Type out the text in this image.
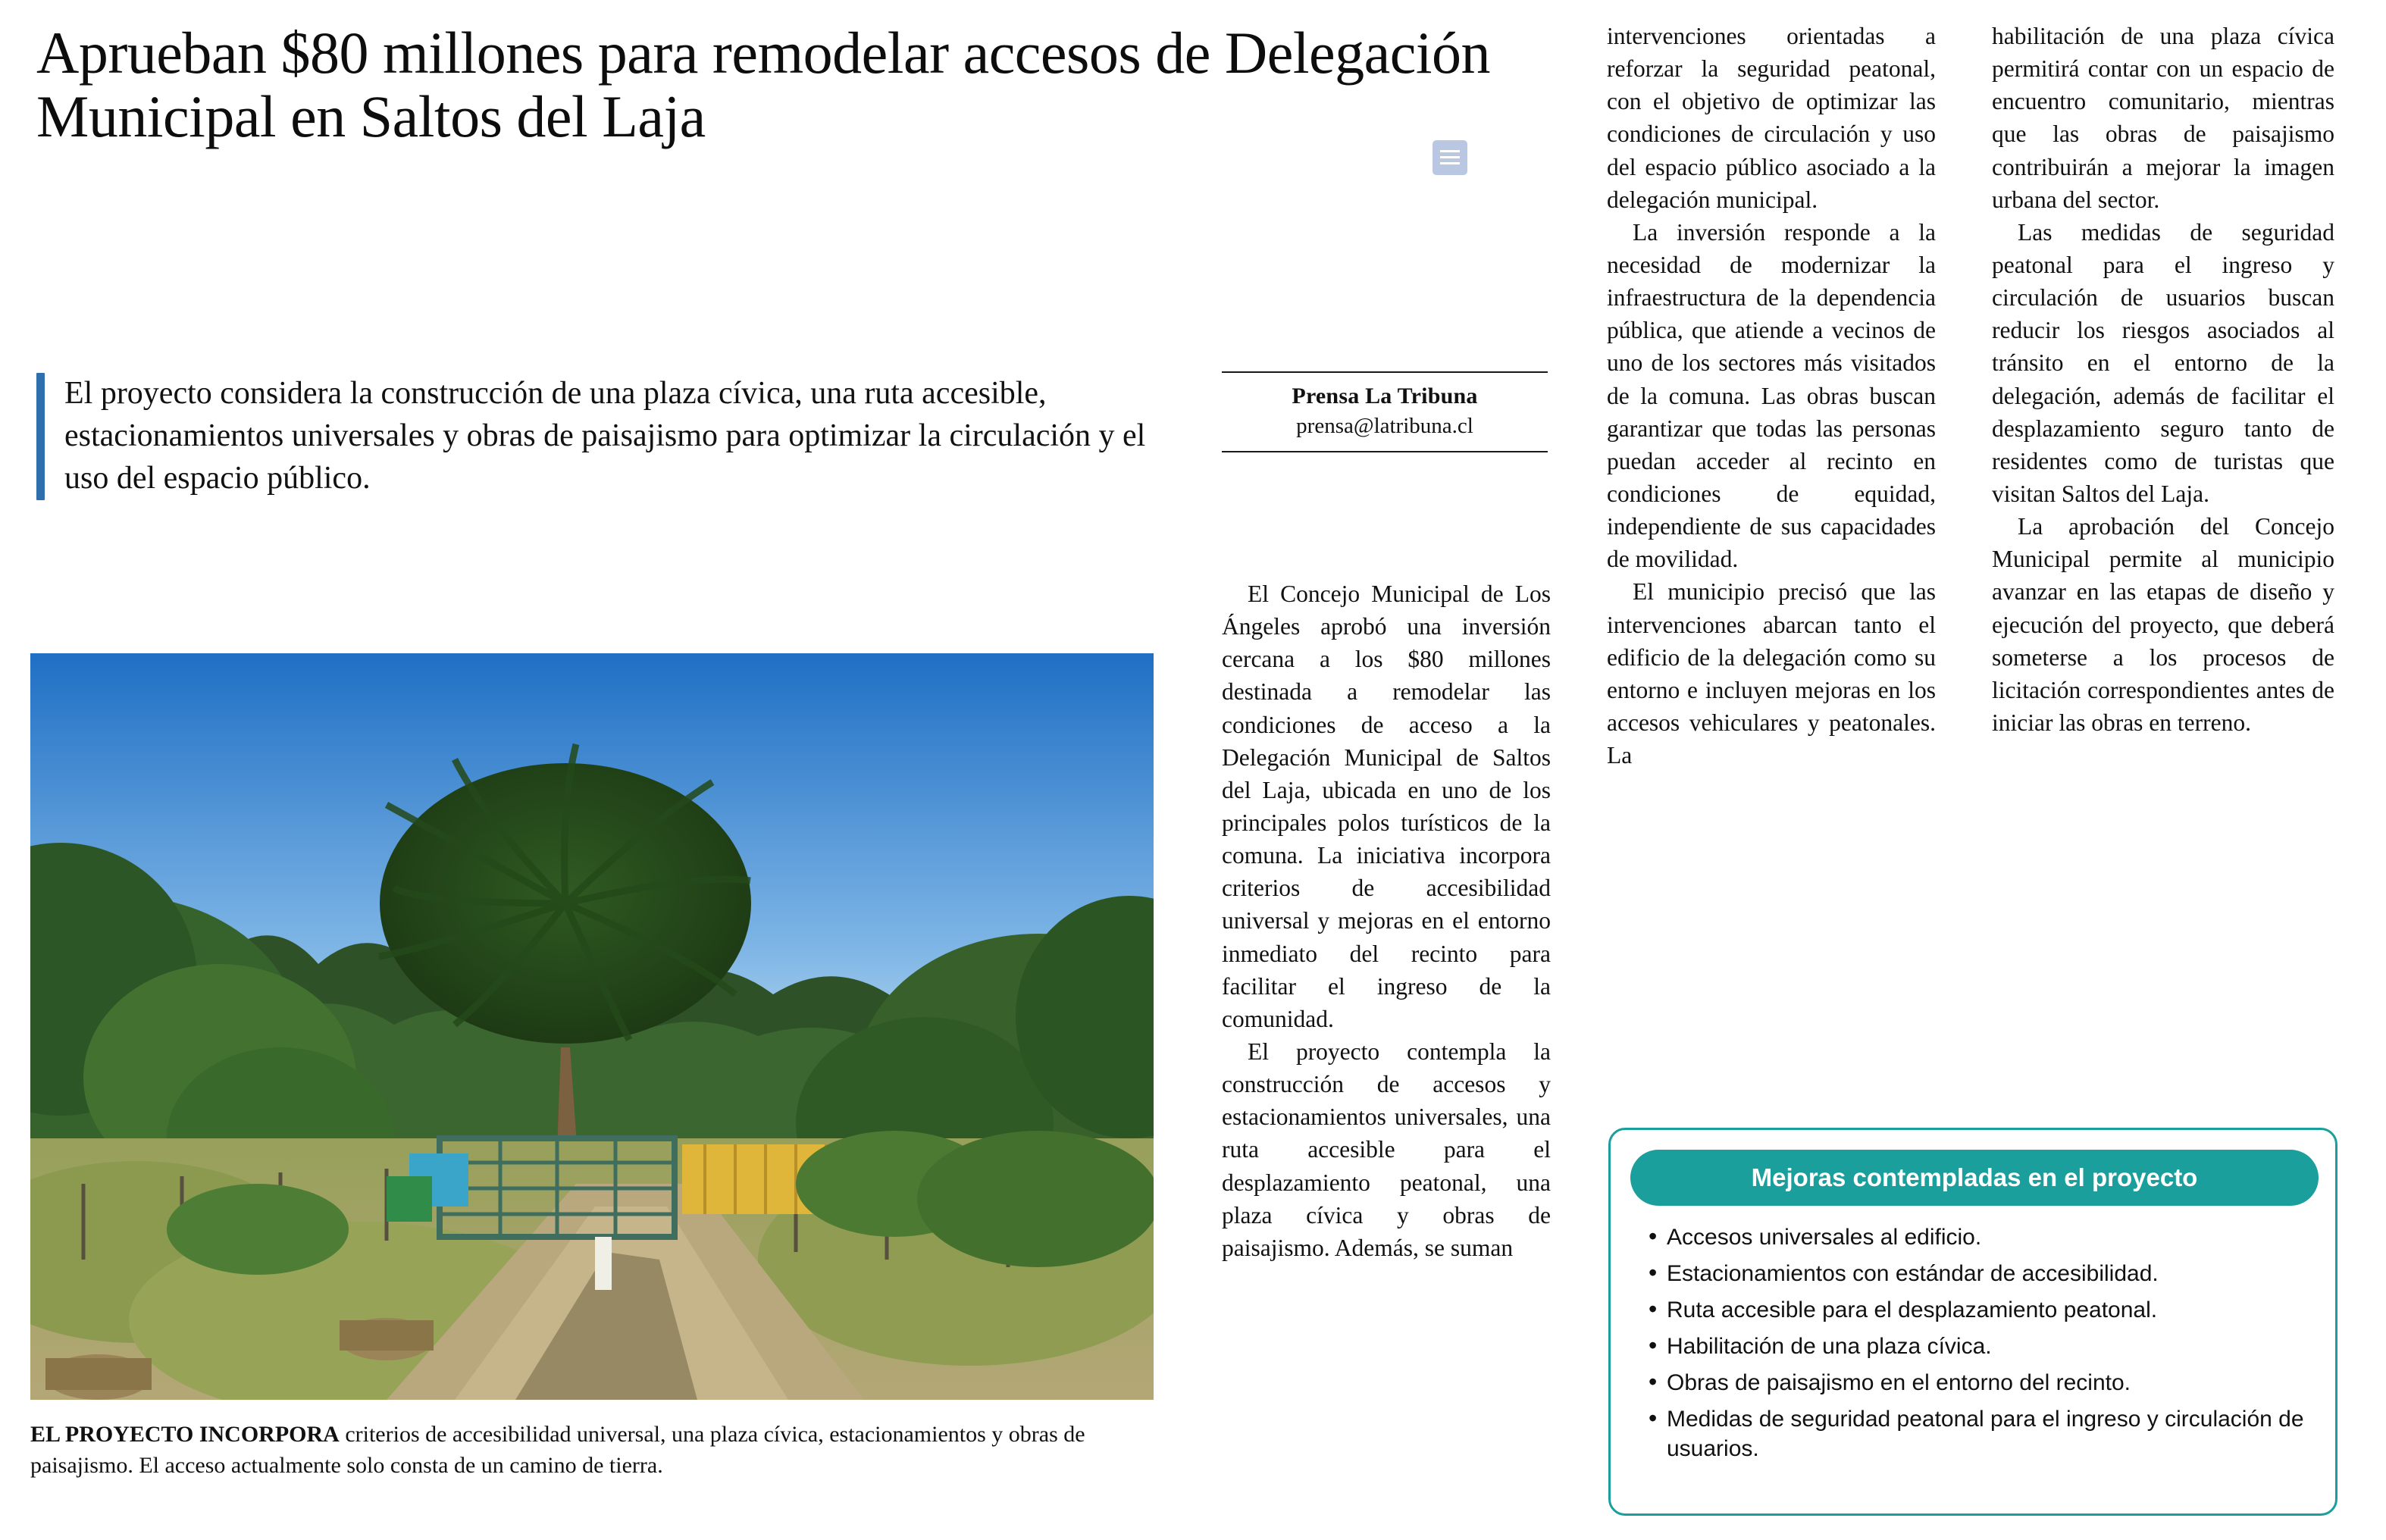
Aprueban $80 millones para remodelar accesos de Delegación Municipal en Saltos del Laja
El proyecto considera la construcción de una plaza cívica, una ruta accesible, estacionamientos universales y obras de paisajismo para optimizar la circulación y el uso del espacio público.
EL PROYECTO INCORPORA criterios de accesibilidad universal, una plaza cívica, estacionamientos y obras de paisajismo. El acceso actualmente solo consta de un camino de tierra.
Prensa La Tribuna
prensa@latribuna.cl

El Concejo Municipal de Los Ángeles aprobó una inversión cercana a los $80 millones destinada a remodelar las condiciones de acceso a la Delegación Municipal de Saltos del Laja, ubicada en uno de los principales polos turísticos de la comuna. La iniciativa incorpora criterios de accesibilidad universal y mejoras en el entorno inmediato del recinto para facilitar el ingreso de la comunidad.

El proyecto contempla la construcción de accesos y estacionamientos universales, una ruta accesible para el desplazamiento peatonal, una plaza cívica y obras de paisajismo. Además, se suman

intervenciones orientadas a reforzar la seguridad peatonal, con el objetivo de optimizar las condiciones de circulación y uso del espacio público asociado a la delegación municipal.

La inversión responde a la necesidad de modernizar la infraestructura de la dependencia pública, que atiende a vecinos de uno de los sectores más visitados de la comuna. Las obras buscan garantizar que todas las personas puedan acceder al recinto en condiciones de equidad, independiente de sus capacidades de movilidad.

El municipio precisó que las intervenciones abarcan tanto el edificio de la delegación como su entorno e incluyen mejoras en los accesos vehiculares y peatonales. La

habilitación de una plaza cívica permitirá contar con un espacio de encuentro comunitario, mientras que las obras de paisajismo contribuirán a mejorar la imagen urbana del sector.

Las medidas de seguridad peatonal para el ingreso y circulación de usuarios buscan reducir los riesgos asociados al tránsito en el entorno de la delegación, además de facilitar el desplazamiento seguro tanto de residentes como de turistas que visitan Saltos del Laja.

La aprobación del Concejo Municipal permite al municipio avanzar en las etapas de diseño y ejecución del proyecto, que deberá someterse a los procesos de licitación correspondientes antes de iniciar las obras en terreno.

Mejoras contempladas en el proyecto
• Accesos universales al edificio.
• Estacionamientos con estándar de accesibilidad.
• Ruta accesible para el desplazamiento peatonal.
• Habilitación de una plaza cívica.
• Obras de paisajismo en el entorno del recinto.
• Medidas de seguridad peatonal para el ingreso y circulación de usuarios.
